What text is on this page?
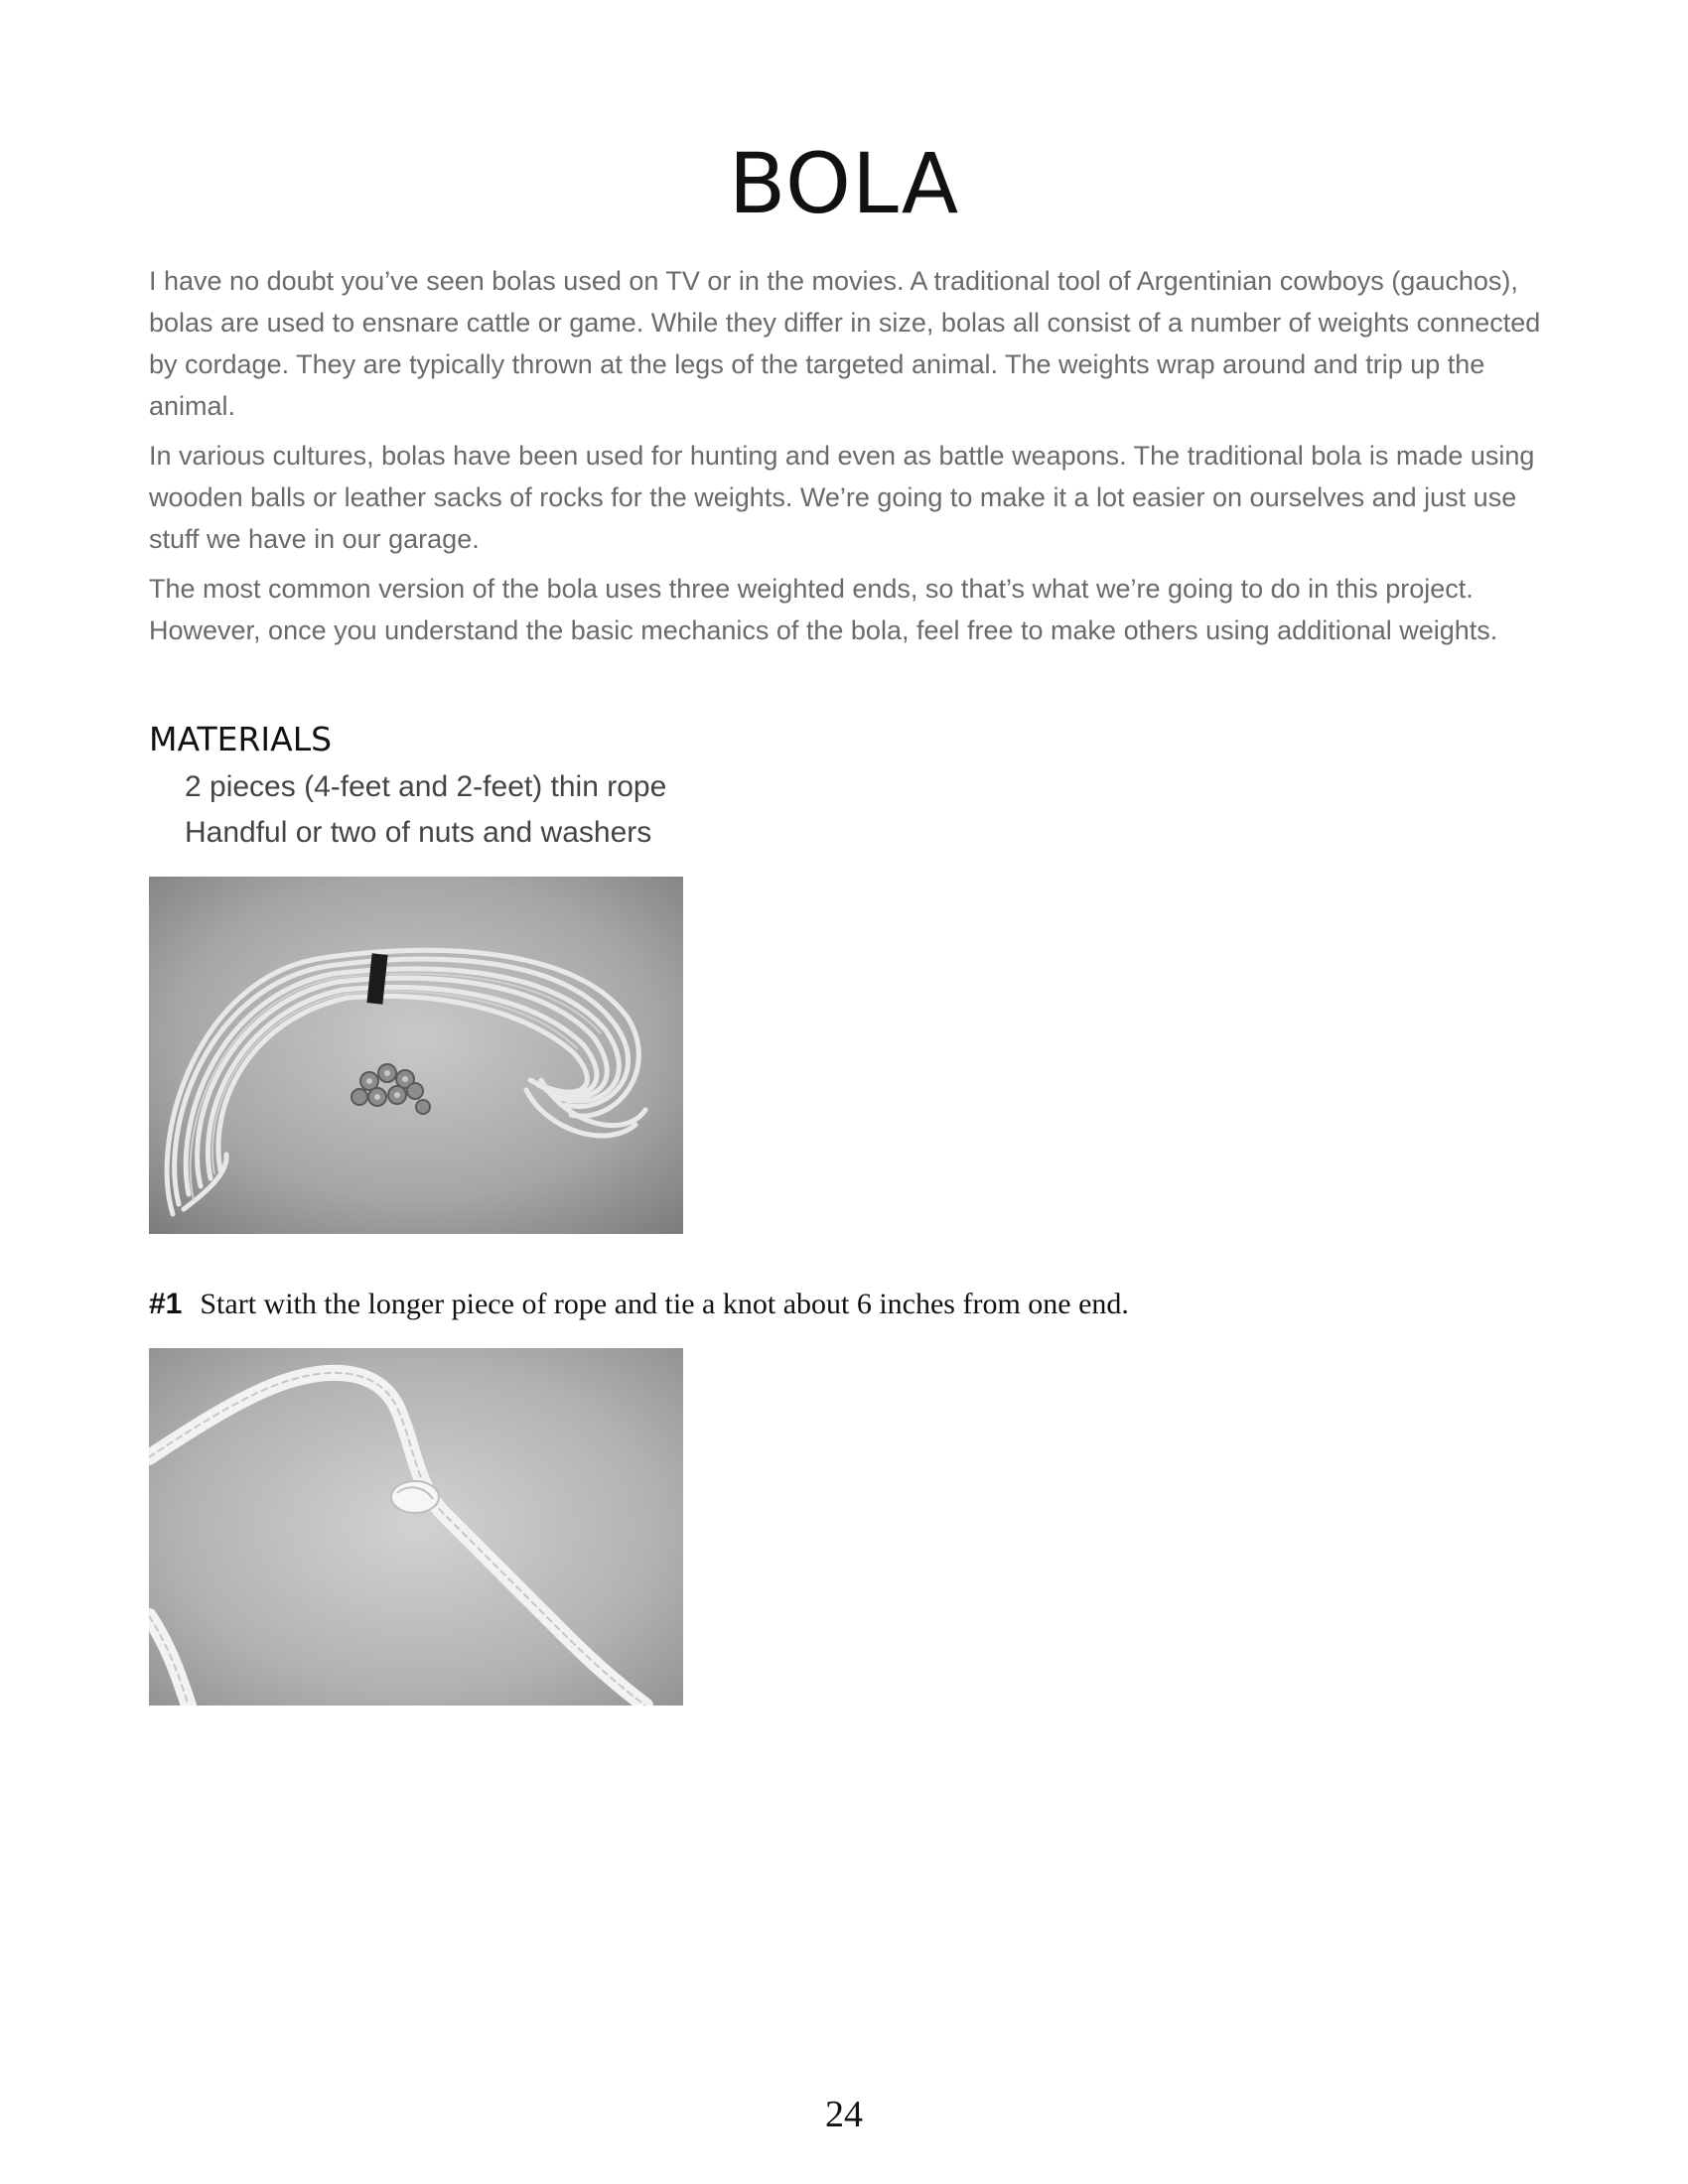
BOLA

I have no doubt you’ve seen bolas used on TV or in the movies. A traditional tool of Argentinian cowboys (gauchos), bolas are used to ensnare cattle or game. While they differ in size, bolas all consist of a number of weights connected by cordage. They are typically thrown at the legs of the targeted animal. The weights wrap around and trip up the animal.

In various cultures, bolas have been used for hunting and even as battle weapons. The traditional bola is made using wooden balls or leather sacks of rocks for the weights. We’re going to make it a lot easier on ourselves and just use stuff we have in our garage.

The most common version of the bola uses three weighted ends, so that’s what we’re going to do in this project. However, once you understand the basic mechanics of the bola, feel free to make others using additional weights.

MATERIALS
2 pieces (4-feet and 2-feet) thin rope
Handful or two of nuts and washers
#1 Start with the longer piece of rope and tie a knot about 6 inches from one end.
24
